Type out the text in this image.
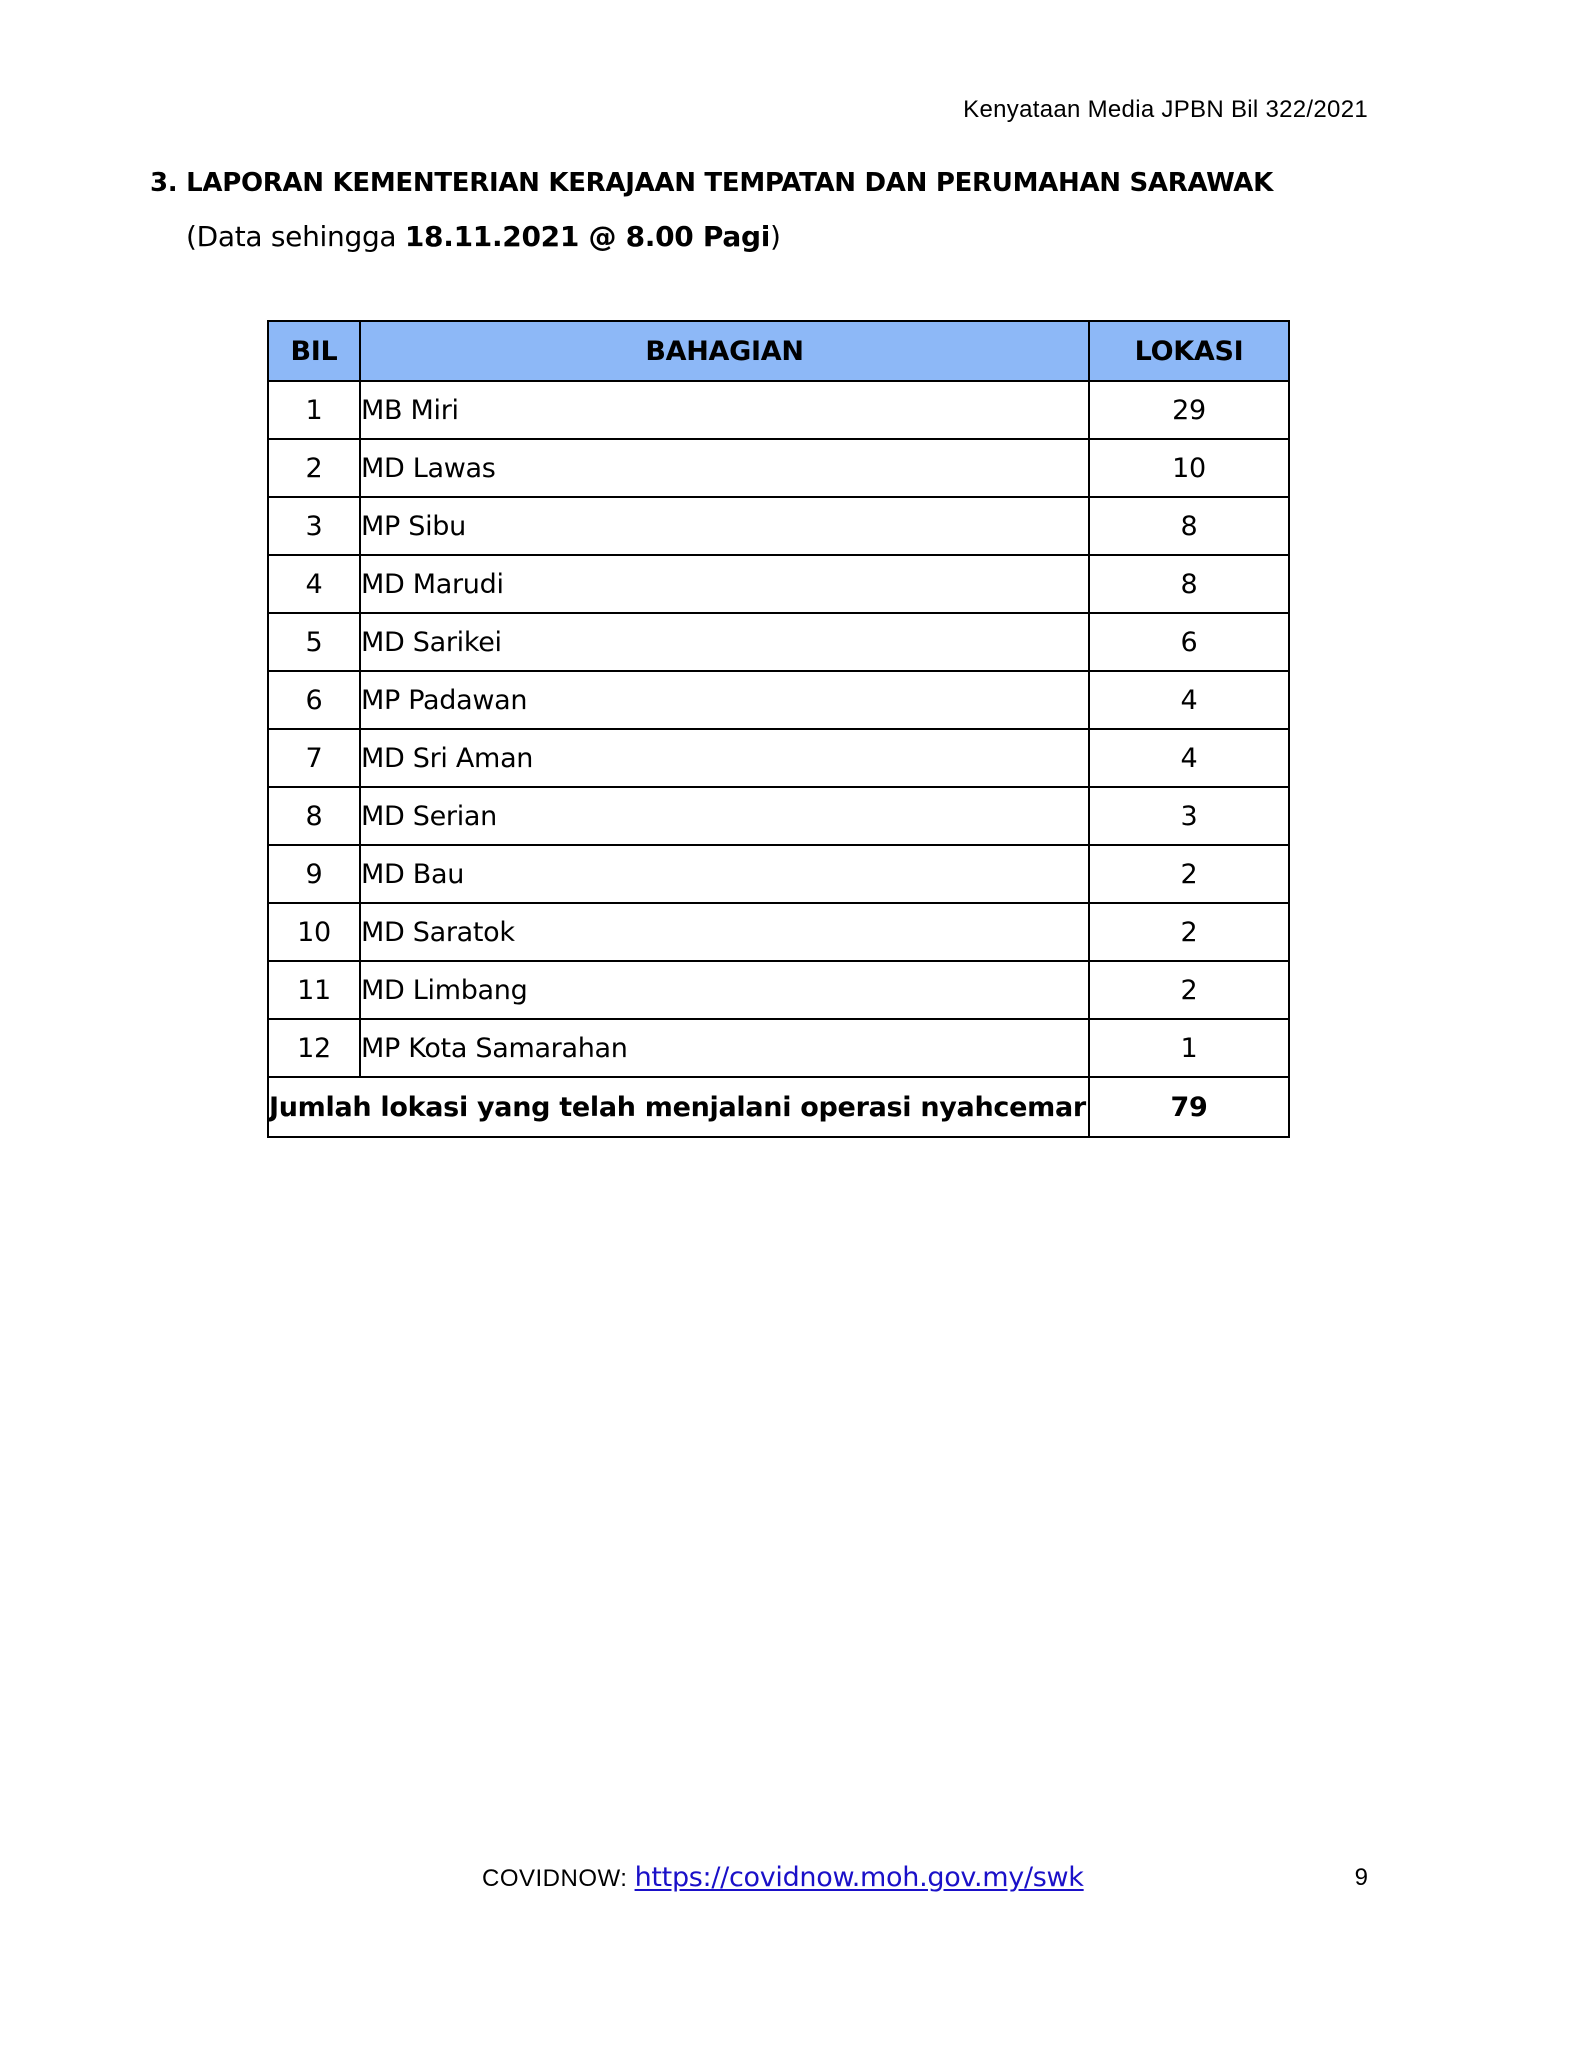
Kenyataan Media JPBN Bil 322/2021
3. LAPORAN KEMENTERIAN KERAJAAN TEMPATAN DAN PERUMAHAN SARAWAK
(Data sehingga 18.11.2021 @ 8.00 Pagi)
BIL	BAHAGIAN	LOKASI
1	MB Miri	29
2	MD Lawas	10
3	MP Sibu	8
4	MD Marudi	8
5	MD Sarikei	6
6	MP Padawan	4
7	MD Sri Aman	4
8	MD Serian	3
9	MD Bau	2
10	MD Saratok	2
11	MD Limbang	2
12	MP Kota Samarahan	1
Jumlah lokasi yang telah menjalani operasi nyahcemar		79
COVIDNOW: https://covidnow.moh.gov.my/swk	9
